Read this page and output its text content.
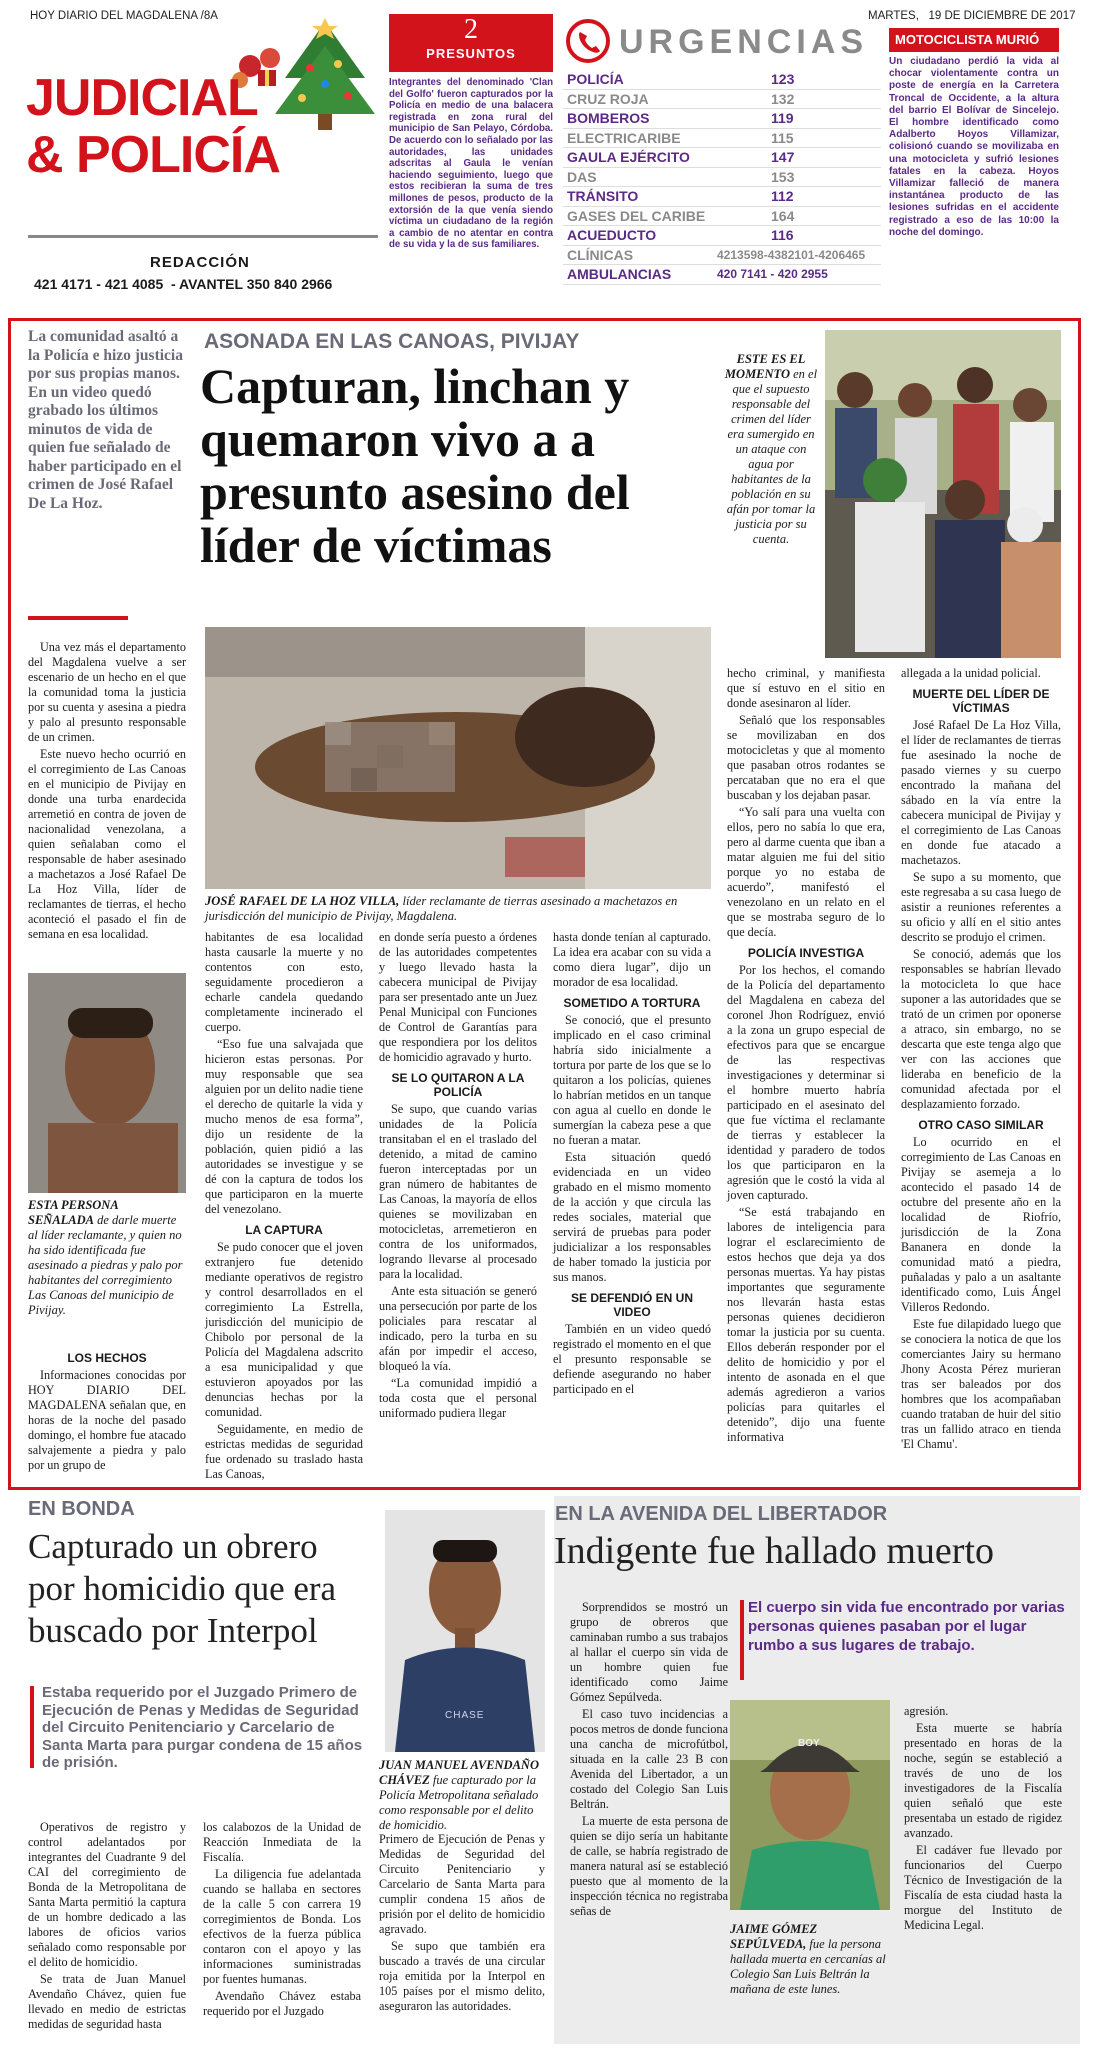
HOY DIARIO DEL MAGDALENA /8A	MARTES,   19 DE DICIEMBRE DE 2017
JUDICIAL
& POLICÍA
REDACCIÓN
421 4171 - 421 4085  - AVANTEL 350 840 2966
2
PRESUNTOS
Integrantes del denominado 'Clan del Golfo' fueron capturados por la Policía en medio de una balacera registrada en zona rural del municipio de San Pelayo, Córdoba. De acuerdo con lo señalado por las autoridades, las unidades adscritas al Gaula le venían haciendo seguimiento, luego que estos recibieran la suma de tres millones de pesos, producto de la extorsión de la que venía siendo víctima un ciudadano de la región a cambio de no atentar en contra de su vida y la de sus familiares.
URGENCIAS
POLICÍA	123
CRUZ ROJA	132
BOMBEROS	119
ELECTRICARIBE	115
GAULA EJÉRCITO	147
DAS	153
TRÁNSITO	112
GASES DEL CARIBE	164
ACUEDUCTO	116
CLÍNICAS	4213598-4382101-4206465
AMBULANCIAS	420 7141 - 420 2955
MOTOCICLISTA MURIÓ
Un ciudadano perdió la vida al chocar violentamente contra un poste de energía en la Carretera Troncal de Occidente, a la altura del barrio El Bolívar de Sincelejo. El hombre identificado como Adalberto Hoyos Villamizar, colisionó cuando se movilizaba en una motocicleta y sufrió lesiones fatales en la cabeza. Hoyos Villamizar falleció de manera instantánea producto de las lesiones sufridas en el accidente registrado a eso de las 10:00 la noche del domingo.
La comunidad asaltó a la Policía e hizo justicia por sus propias manos. En un video quedó grabado los últimos minutos de vida de quien fue señalado de haber participado en el crimen de José Rafael De La Hoz.
ASONADA EN LAS CANOAS, PIVIJAY
Capturan, linchan y quemaron vivo a a presunto asesino del líder de víctimas
ESTE ES EL MOMENTO en el que el supuesto responsable del crimen del líder era sumergido en un ataque con agua por habitantes de la población en su afán por tomar la justicia por su cuenta.
JOSÉ RAFAEL DE LA HOZ VILLA, líder reclamante de tierras asesinado a machetazos en jurisdicción del municipio de Pivijay, Magdalena.

Una vez más el departamento del Magdalena vuelve a ser escenario de un hecho en el que la comunidad toma la justicia por su cuenta y asesina a piedra y palo al presunto responsable de un crimen.

Este nuevo hecho ocurrió en el corregimiento de Las Canoas en el municipio de Pivijay en donde una turba enardecida arremetió en contra de joven de nacionalidad venezolana, a quien señalaban como el responsable de haber asesinado a machetazos a José Rafael De La Hoz Villa, líder de reclamantes de tierras, el hecho aconteció el pasado el fin de semana en esa localidad.

ESTA PERSONA SEÑALADA de darle muerte al líder reclamante, y quien no ha sido identificada fue asesinado a piedras y palo por habitantes del corregimiento Las Canoas del municipio de Pivijay.
LOS HECHOS

Informaciones conocidas por HOY DIARIO DEL MAGDALENA señalan que, en horas de la noche del pasado domingo, el hombre fue atacado salvajemente a piedra y palo por un grupo de

habitantes de esa localidad hasta causarle la muerte y no contentos con esto, seguidamente procedieron a echarle candela quedando completamente incinerado el cuerpo.

“Eso fue una salvajada que hicieron estas personas. Por muy responsable que sea alguien por un delito nadie tiene el derecho de quitarle la vida y mucho menos de esa forma”, dijo un residente de la población, quien pidió a las autoridades se investigue y se dé con la captura de todos los que participaron en la muerte del venezolano.

LA CAPTURA

Se pudo conocer que el joven extranjero fue detenido mediante operativos de registro y control desarrollados en el corregimiento La Estrella, jurisdicción del municipio de Chibolo por personal de la Policía del Magdalena adscrito a esa municipalidad y que estuvieron apoyados por las denuncias hechas por la comunidad.

Seguidamente, en medio de estrictas medidas de seguridad fue ordenado su traslado hasta Las Canoas,

en donde sería puesto a órdenes de las autoridades competentes y luego llevado hasta la cabecera municipal de Pivijay para ser presentado ante un Juez Penal Municipal con Funciones de Control de Garantías para que respondiera por los delitos de homicidio agravado y hurto.

SE LO QUITARON A LA POLICÍA

Se supo, que cuando varias unidades de la Policía transitaban el en el traslado del detenido, a mitad de camino fueron interceptadas por un gran número de habitantes de Las Canoas, la mayoría de ellos quienes se movilizaban en motocicletas, arremetieron en contra de los uniformados, logrando llevarse al procesado para la localidad.

Ante esta situación se generó una persecución por parte de los policiales para rescatar al indicado, pero la turba en su afán por impedir el acceso, bloqueó la vía.

“La comunidad impidió a toda costa que el personal uniformado pudiera llegar

hasta donde tenían al capturado. La idea era acabar con su vida a como diera lugar”, dijo un morador de esa localidad.

SOMETIDO A TORTURA

Se conoció, que el presunto implicado en el caso criminal habría sido inicialmente a tortura por parte de los que se lo quitaron a los policías, quienes lo habrían metidos en un tanque con agua al cuello en donde le sumergían la cabeza pese a que no fueran a matar.

Esta situación quedó evidenciada en un video grabado en el mismo momento de la acción y que circula las redes sociales, material que servirá de pruebas para poder judicializar a los responsables de haber tomado la justicia por sus manos.

SE DEFENDIÓ EN UN VIDEO

También en un video quedó registrado el momento en el que el presunto responsable se defiende asegurando no haber participado en el

hecho criminal, y manifiesta que sí estuvo en el sitio en donde asesinaron al líder.

Señaló que los responsables se movilizaban en dos motocicletas y que al momento que pasaban otros rodantes se percataban que no era el que buscaban y los dejaban pasar.

“Yo salí para una vuelta con ellos, pero no sabía lo que era, pero al darme cuenta que iban a matar alguien me fui del sitio porque yo no estaba de acuerdo”, manifestó el venezolano en un relato en el que se mostraba seguro de lo que decía.

POLICÍA INVESTIGA

Por los hechos, el comando de la Policía del departamento del Magdalena en cabeza del coronel Jhon Rodríguez, envió a la zona un grupo especial de efectivos para que se encargue de las respectivas investigaciones y determinar si el hombre muerto habría participado en el asesinato del que fue víctima el reclamante de tierras y establecer la identidad y paradero de todos los que participaron en la agresión que le costó la vida al joven capturado.

“Se está trabajando en labores de inteligencia para lograr el esclarecimiento de estos hechos que deja ya dos personas muertas. Ya hay pistas importantes que seguramente nos llevarán hasta estas personas quienes decidieron tomar la justicia por su cuenta. Ellos deberán responder por el delito de homicidio y por el intento de asonada en el que además agredieron a varios policías para quitarles el detenido”, dijo una fuente informativa

allegada a la unidad policial.

MUERTE DEL LÍDER DE VÍCTIMAS

José Rafael De La Hoz Villa, el líder de reclamantes de tierras fue asesinado la noche de pasado viernes y su cuerpo encontrado la mañana del sábado en la vía entre la cabecera municipal de Pivijay y el corregimiento de Las Canoas en donde fue atacado a machetazos.

Se supo a su momento, que este regresaba a su casa luego de asistir a reuniones referentes a su oficio y allí en el sitio antes descrito se produjo el crimen.

Se conoció, además que los responsables se habrían llevado la motocicleta lo que hace suponer a las autoridades que se trató de un crimen por oponerse a atraco, sin embargo, no se descarta que este tenga algo que ver con las acciones que lideraba en beneficio de la comunidad afectada por el desplazamiento forzado.

OTRO CASO SIMILAR

Lo ocurrido en el corregimiento de Las Canoas en Pivijay se asemeja a lo acontecido el pasado 14 de octubre del presente año en la localidad de Riofrío, jurisdicción de la Zona Bananera en donde la comunidad mató a piedra, puñaladas y palo a un asaltante identificado como, Luis Ángel Villeros Redondo.

Este fue dilapidado luego que se conociera la notica de que los comerciantes Jairy su hermano Jhony Acosta Pérez murieran tras ser baleados por dos hombres que los acompañaban cuando trataban de huir del sitio tras un fallido atraco en tienda 'El Chamu'.

EN BONDA
Capturado un obrero por homicidio que era buscado por Interpol
Estaba requerido por el Juzgado Primero de Ejecución de Penas y Medidas de Seguridad del Circuito Penitenciario y Carcelario de Santa Marta para purgar condena de 15 años de prisión.
CHASE
JUAN MANUEL AVENDAÑO CHÁVEZ fue capturado por la Policía Metropolitana señalado como responsable por el delito de homicidio.

Operativos de registro y control adelantados por integrantes del Cuadrante 9 del CAI del corregimiento de Bonda de la Metropolitana de Santa Marta permitió la captura de un hombre dedicado a las labores de oficios varios señalado como responsable por el delito de homicidio.

Se trata de Juan Manuel Avendaño Chávez, quien fue llevado en medio de estrictas medidas de seguridad hasta

los calabozos de la Unidad de Reacción Inmediata de la Fiscalía.

La diligencia fue adelantada cuando se hallaba en sectores de la calle 5 con carrera 19 corregimientos de Bonda. Los efectivos de la fuerza pública contaron con el apoyo y las informaciones suministradas por fuentes humanas.

Avendaño Chávez estaba requerido por el Juzgado

Primero de Ejecución de Penas y Medidas de Seguridad del Circuito Penitenciario y Carcelario de Santa Marta para cumplir condena 15 años de prisión por el delito de homicidio agravado.

Se supo que también era buscado a través de una circular roja emitida por la Interpol en 105 países por el mismo delito, aseguraron las autoridades.

EN LA AVENIDA DEL LIBERTADOR
Indigente fue hallado muerto

Sorprendidos se mostró un grupo de obreros que caminaban rumbo a sus trabajos al hallar el cuerpo sin vida de un hombre quien fue identificado como Jaime Gómez Sepúlveda.

El caso tuvo incidencias a pocos metros de donde funciona una cancha de microfútbol, situada en la calle 23 B con Avenida del Libertador, a un costado del Colegio San Luis Beltrán.

La muerte de esta persona de quien se dijo sería un habitante de calle, se habría registrado de manera natural así se estableció puesto que al momento de la inspección técnica no registraba señas de

El cuerpo sin vida fue encontrado por varias personas quienes pasaban por el lugar rumbo a sus lugares de trabajo.
BOY
JAIME GÓMEZ SEPÚLVEDA, fue la persona hallada muerta en cercanías al Colegio San Luis Beltrán la mañana de este lunes.

agresión.

Esta muerte se habría presentado en horas de la noche, según se estableció a través de uno de los investigadores de la Fiscalía quien señaló que este presentaba un estado de rigidez avanzado.

El cadáver fue llevado por funcionarios del Cuerpo Técnico de Investigación de la Fiscalía de esta ciudad hasta la morgue del Instituto de Medicina Legal.
